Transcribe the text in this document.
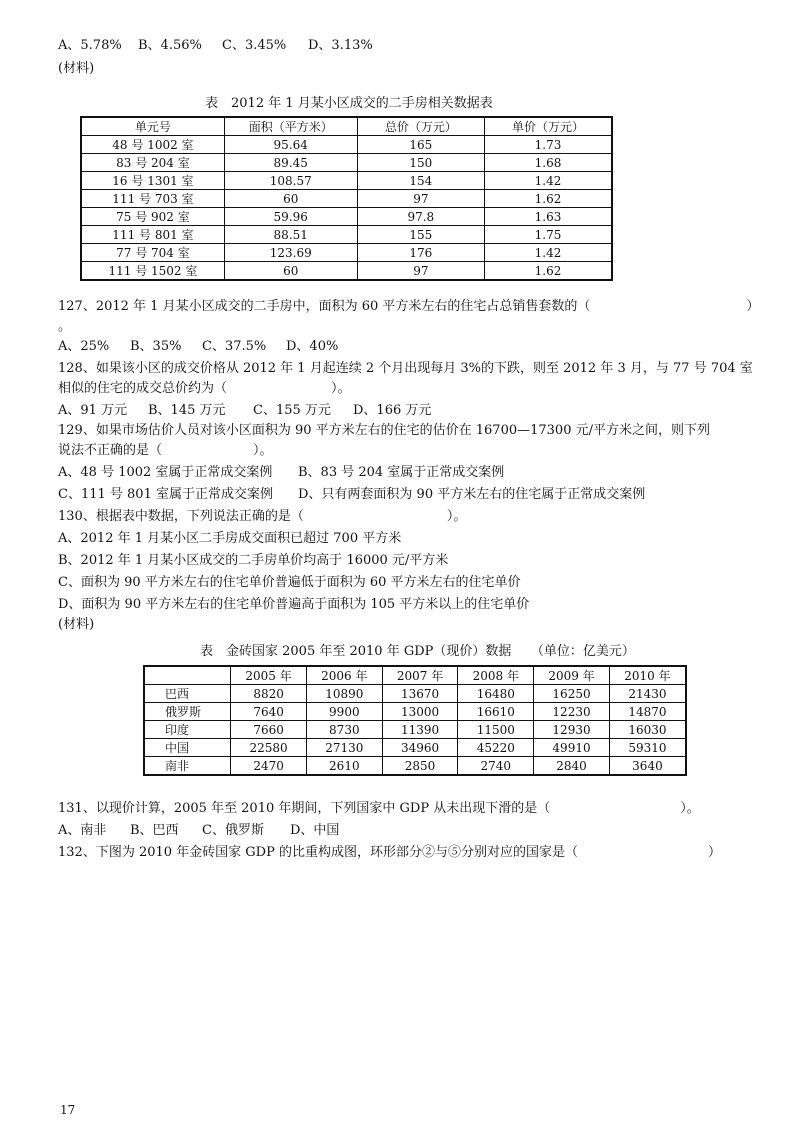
A、5.78% B、4.56% C、3.45% D、3.13%
(材料)
表　2012 年 1 月某小区成交的二手房相关数据表
单元号	面积（平方米）	总价（万元）	单价（万元）
48 号 1002 室	95.64	165	1.73
83 号 204 室	89.45	150	1.68
16 号 1301 室	108.57	154	1.42
111 号 703 室	60	97	1.62
75 号 902 室	59.96	97.8	1.63
111 号 801 室	88.51	155	1.75
77 号 704 室	123.69	176	1.42
111 号 1502 室	60	97	1.62
127、2012 年 1 月某小区成交的二手房中，面积为 60 平方米左右的住宅占总销售套数的（　　　　　　　　　　　　）
。
A、25% B、35% C、37.5% D、40%
128、如果该小区的成交价格从 2012 年 1 月起连续 2 个月出现每月 3%的下跌，则至 2012 年 3 月，与 77 号 704 室
相似的住宅的成交总价约为（　　　　　　　　）。
A、91 万元 B、145 万元 C、155 万元 D、166 万元
129、如果市场估价人员对该小区面积为 90 平方米左右的住宅的估价在 16700—17300 元/平方米之间，则下列
说法不正确的是（　　　　　　　）。
A、48 号 1002 室属于正常成交案例 B、83 号 204 室属于正常成交案例
C、111 号 801 室属于正常成交案例 D、只有两套面积为 90 平方米左右的住宅属于正常成交案例
130、根据表中数据，下列说法正确的是（　　　　　　　　　　　）。
A、2012 年 1 月某小区二手房成交面积已超过 700 平方米
B、2012 年 1 月某小区成交的二手房单价均高于 16000 元/平方米
C、面积为 90 平方米左右的住宅单价普遍低于面积为 60 平方米左右的住宅单价
D、面积为 90 平方米左右的住宅单价普遍高于面积为 105 平方米以上的住宅单价
(材料)
表　金砖国家 2005 年至 2010 年 GDP（现价）数据　　（单位：亿美元）
	2005 年	2006 年	2007 年	2008 年	2009 年	2010 年
巴西	8820	10890	13670	16480	16250	21430
俄罗斯	7640	9900	13000	16610	12230	14870
印度	7660	8730	11390	11500	12930	16030
中国	22580	27130	34960	45220	49910	59310
南非	2470	2610	2850	2740	2840	3640
131、以现价计算，2005 年至 2010 年期间，下列国家中 GDP 从未出现下滑的是（　　　　　　　　　　）。
A、南非 B、巴西 C、俄罗斯 D、中国
132、下图为 2010 年金砖国家 GDP 的比重构成图，环形部分②与⑤分别对应的国家是（　　　　　　　　　　）
17
